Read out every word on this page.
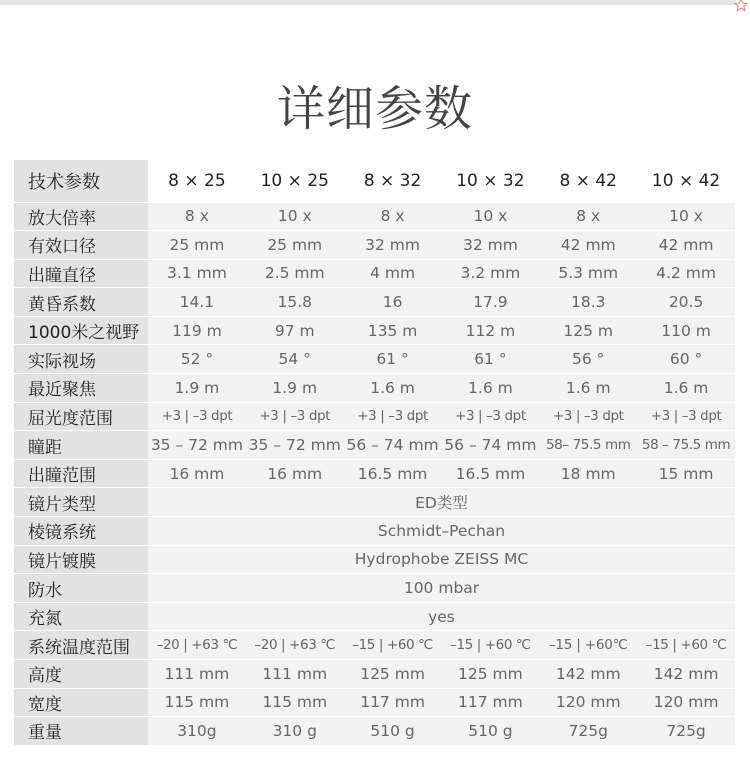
详细参数
技术参数	8 × 25	10 × 25	8 × 32	10 × 32	8 × 42	10 × 42
放大倍率	8 x	10 x	8 x	10 x	8 x	10 x
有效口径	25 mm	25 mm	32 mm	32 mm	42 mm	42 mm
出瞳直径	3.1 mm	2.5 mm	4 mm	3.2 mm	5.3 mm	4.2 mm
黄昏系数	14.1	15.8	16	17.9	18.3	20.5
1000米之视野	119 m	97 m	135 m	112 m	125 m	110 m
实际视场	52 °	54 °	61 °	61 °	56 °	60 °
最近聚焦	1.9 m	1.9 m	1.6 m	1.6 m	1.6 m	1.6 m
屈光度范围	+3 | –3 dpt	+3 | –3 dpt	+3 | –3 dpt	+3 | –3 dpt	+3 | –3 dpt	+3 | –3 dpt
瞳距	35 – 72 mm	35 – 72 mm	56 – 74 mm	56 – 74 mm	58– 75.5 mm	58 – 75.5 mm
出瞳范围	16 mm	16 mm	16.5 mm	16.5 mm	18 mm	15 mm
镜片类型	ED类型					
棱镜系统	Schmidt–Pechan					
镜片镀膜	Hydrophobe ZEISS MC					
防水	100 mbar					
充氮	yes					
系统温度范围	–20 | +63 ℃	–20 | +63 ℃	–15 | +60 ℃	–15 | +60 ℃	–15 | +60℃	–15 | +60 ℃
高度	111 mm	111 mm	125 mm	125 mm	142 mm	142 mm
宽度	115 mm	115 mm	117 mm	117 mm	120 mm	120 mm
重量	310g	310 g	510 g	510 g	725g	725g
